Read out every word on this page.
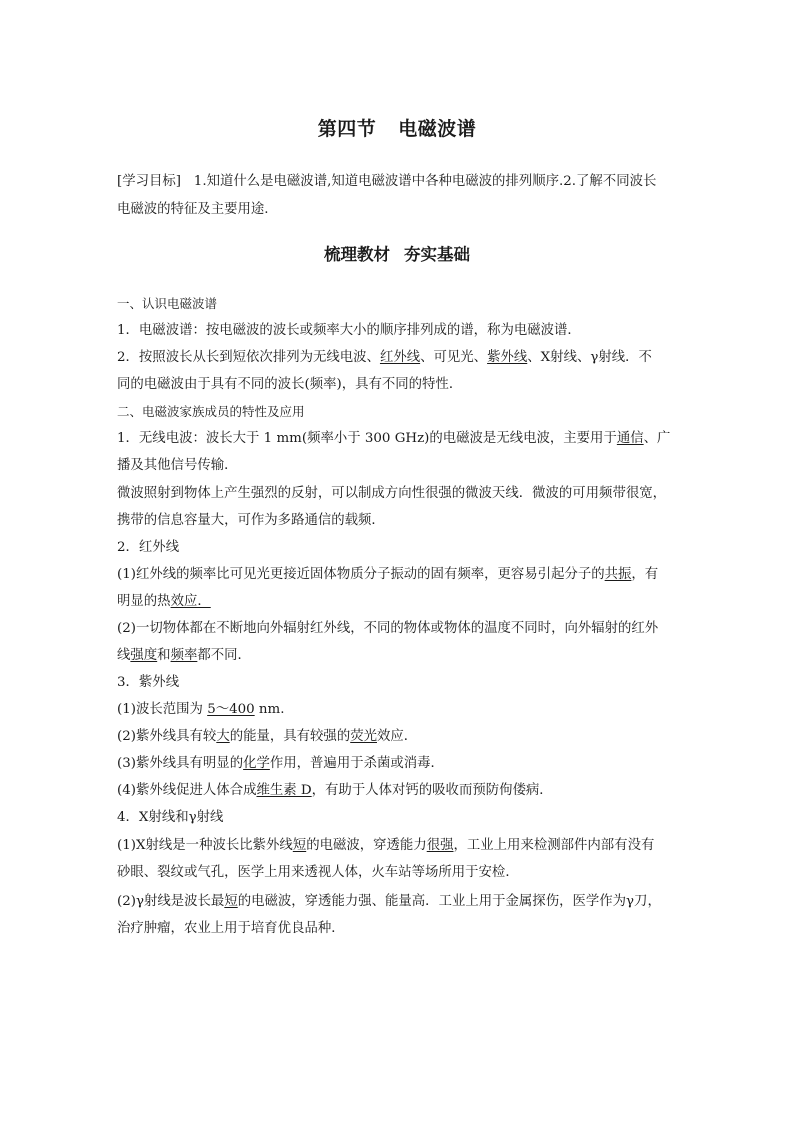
第四节 电磁波谱
[学习目标] 1.知道什么是电磁波谱,知道电磁波谱中各种电磁波的排列顺序.2.了解不同波长
电磁波的特征及主要用途.
梳理教材 夯实基础
一、认识电磁波谱
1．电磁波谱：按电磁波的波长或频率大小的顺序排列成的谱，称为电磁波谱．
2．按照波长从长到短依次排列为无线电波、红外线、可见光、紫外线、X射线、γ射线．不
同的电磁波由于具有不同的波长(频率)，具有不同的特性．
二、电磁波家族成员的特性及应用
1．无线电波：波长大于 1 mm(频率小于 300 GHz)的电磁波是无线电波，主要用于通信、广
播及其他信号传输．
微波照射到物体上产生强烈的反射，可以制成方向性很强的微波天线．微波的可用频带很宽，
携带的信息容量大，可作为多路通信的载频．
2．红外线
(1)红外线的频率比可见光更接近固体物质分子振动的固有频率，更容易引起分子的共振，有
明显的热效应．
(2)一切物体都在不断地向外辐射红外线，不同的物体或物体的温度不同时，向外辐射的红外
线强度和频率都不同．
3．紫外线
(1)波长范围为 5～400 nm.
(2)紫外线具有较大的能量，具有较强的荧光效应．
(3)紫外线具有明显的化学作用，普遍用于杀菌或消毒．
(4)紫外线促进人体合成维生素 D，有助于人体对钙的吸收而预防佝偻病．
4．X射线和γ射线
(1)X射线是一种波长比紫外线短的电磁波，穿透能力很强，工业上用来检测部件内部有没有
砂眼、裂纹或气孔，医学上用来透视人体，火车站等场所用于安检．
(2)γ射线是波长最短的电磁波，穿透能力强、能量高．工业上用于金属探伤，医学作为γ刀，
治疗肿瘤，农业上用于培育优良品种．
